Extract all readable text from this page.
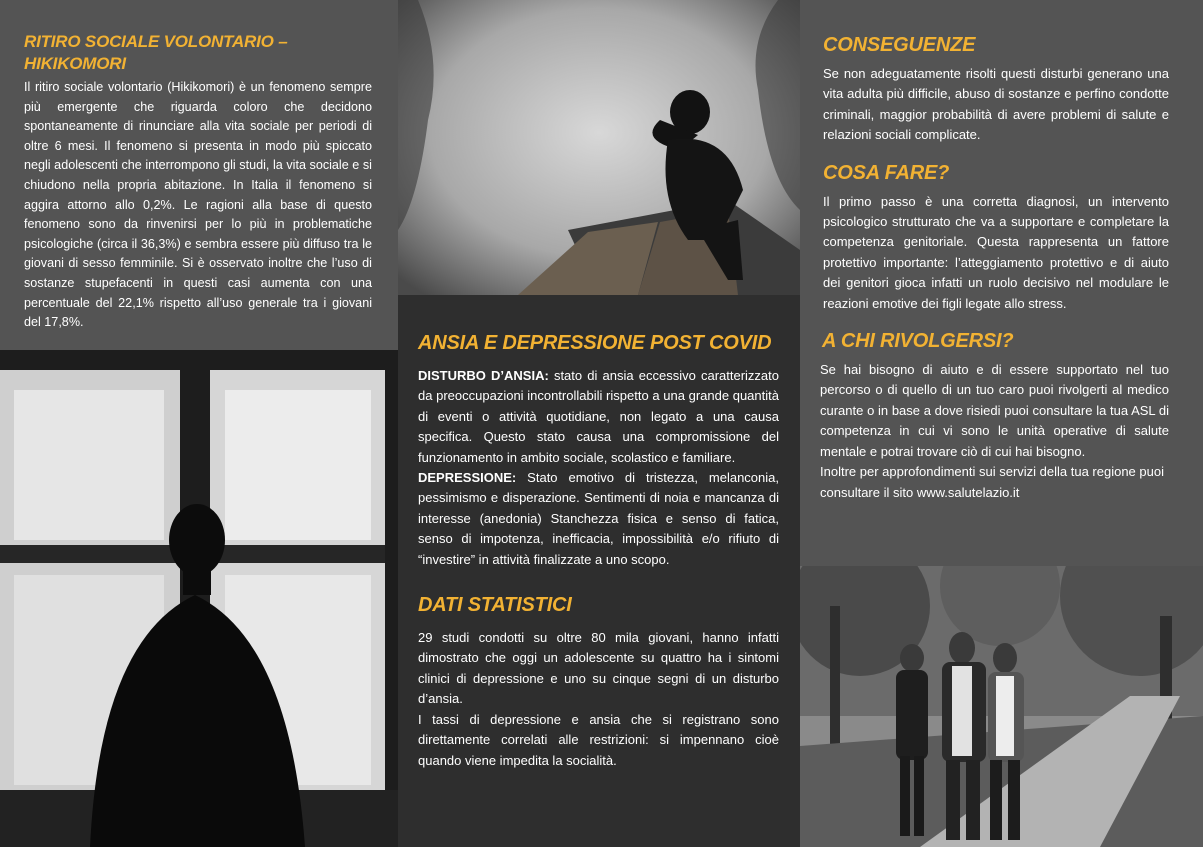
RITIRO SOCIALE VOLONTARIO – HIKIKOMORI

Il ritiro sociale volontario (Hikikomori) è un fenomeno sempre più emergente che riguarda coloro che decidono spontaneamente di rinunciare alla vita sociale per periodi di oltre 6 mesi. Il fenomeno si presenta in modo più spiccato negli adolescenti che interrompono gli studi, la vita sociale e si chiudono nella propria abitazione. In Italia il fenomeno si aggira attorno allo 0,2%. Le ragioni alla base di questo fenomeno sono da rinvenirsi per lo più in problematiche psicologiche (circa il 36,3%) e sembra essere più diffuso tra le giovani di sesso femminile. Si è osservato inoltre che l’uso di sostanze stupefacenti in questi casi aumenta con una percentuale del 22,1% rispetto all’uso generale tra i giovani del 17,8%.

ANSIA E DEPRESSIONE POST COVID

DISTURBO D’ANSIA: stato di ansia eccessivo caratterizzato da preoccupazioni incontrollabili rispetto a una grande quantità di eventi o attività quotidiane, non legato a una causa specifica. Questo stato causa una compromissione del funzionamento in ambito sociale, scolastico e familiare.

DEPRESSIONE: Stato emotivo di tristezza, melanconia, pessimismo e disperazione. Sentimenti di noia e mancanza di interesse (anedonia) Stanchezza fisica e senso di fatica, senso di impotenza, inefficacia, impossibilità e/o rifiuto di “investire” in attività finalizzate a uno scopo.

DATI STATISTICI

29 studi condotti su oltre 80 mila giovani, hanno infatti dimostrato che oggi un adolescente su quattro ha i sintomi clinici di depressione e uno su cinque segni di un disturbo d’ansia.

I tassi di depressione e ansia che si registrano sono direttamente correlati alle restrizioni: si impennano cioè quando viene impedita la socialità.

CONSEGUENZE

Se non adeguatamente risolti questi disturbi generano una vita adulta più difficile, abuso di sostanze e perfino condotte criminali, maggior probabilità di avere problemi di salute e relazioni sociali complicate.

COSA FARE?

Il primo passo è una corretta diagnosi, un intervento psicologico strutturato che va a supportare e completare la competenza genitoriale. Questa rappresenta un fattore protettivo importante: l’atteggiamento protettivo e di aiuto dei genitori gioca infatti un ruolo decisivo nel modulare le reazioni emotive dei figli legate allo stress.

A CHI RIVOLGERSI?

Se hai bisogno di aiuto e di essere supportato nel tuo percorso o di quello di un tuo caro puoi rivolgerti al medico curante o in base a dove risiedi puoi consultare la tua ASL di competenza in cui vi sono le unità operative di salute mentale e potrai trovare ciò di cui hai bisogno.

Inoltre per approfondimenti sui servizi della tua regione puoi consultare il sito www.salutelazio.it
